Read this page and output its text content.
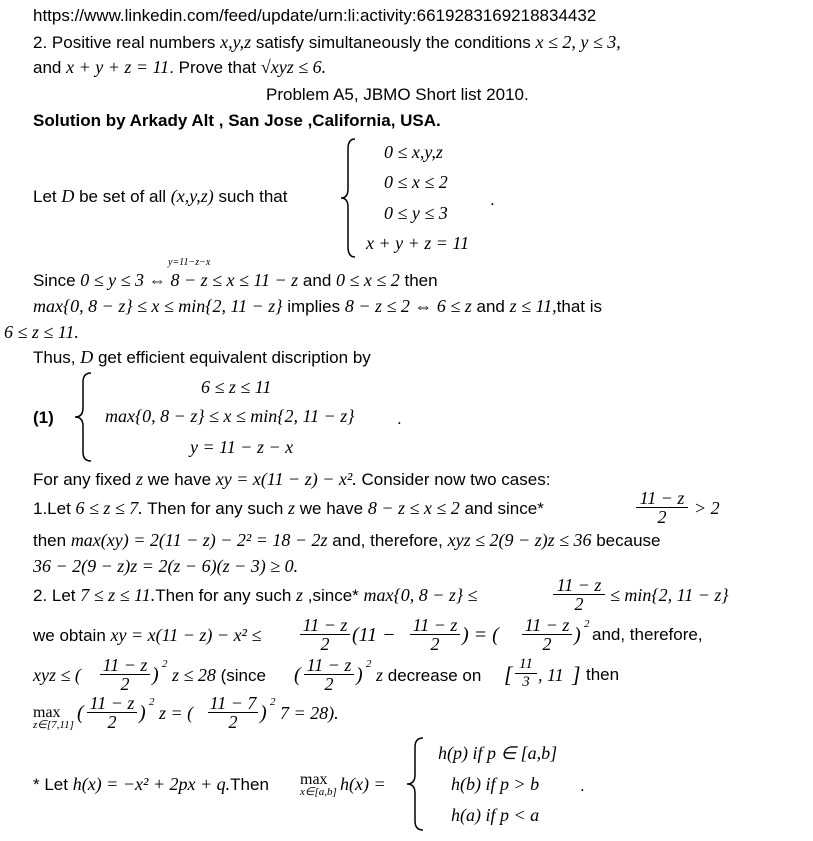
https://www.linkedin.com/feed/update/urn:li:activity:6619283169218834432
2. Positive real numbers x,y,z satisfy simultaneously the conditions x ≤ 2, y ≤ 3,
and x + y + z = 11. Prove that √xyz ≤ 6.
Problem A5, JBMO Short list 2010.
Solution by Arkady Alt , San Jose ,California, USA.
Let D be set of all (x,y,z) such that
0 ≤ x,y,z
0 ≤ x ≤ 2
0 ≤ y ≤ 3
x + y + z = 11
.
y=11−z−x
Since 0 ≤ y ≤ 3 ⇔ 8 − z ≤ x ≤ 11 − z and 0 ≤ x ≤ 2 then
max{0, 8 − z} ≤ x ≤ min{2, 11 − z} implies 8 − z ≤ 2 ⇔ 6 ≤ z and z ≤ 11,that is
6 ≤ z ≤ 11.
Thus, D get efficient equivalent discription by
(1)
6 ≤ z ≤ 11
max{0, 8 − z} ≤ x ≤ min{2, 11 − z}
y = 11 − z − x
.
For any fixed z we have xy = x(11 − z) − x². Consider now two cases:
1.Let 6 ≤ z ≤ 7. Then for any such z we have 8 − z ≤ x ≤ 2 and since*
11 − z
2	> 2
then max(xy) = 2(11 − z) − 2² = 18 − 2z and, therefore, xyz ≤ 2(9 − z)z ≤ 36 because
36 − 2(9 − z)z = 2(z − 6)(z − 3) ≥ 0.
2. Let 7 ≤ z ≤ 11.Then for any such z ,since* max{0, 8 − z} ≤	11 − z
2	≤ min{2, 11 − z}
we obtain xy = x(11 − z) − x² ≤ 11 − z
2	(11 − 11 − z
2	) = ( 11 − z
2	) 2
and, therefore,
xyz ≤ ( 11 − z
2	) 2
z ≤ 28 (since ( 11 − z
2	) 2
z decrease on [ 11
3 , 11 ] then
max
z∈[7,11]
( 11 − z
2	) 2
z = ( 11 − 7
2	) 2
7 = 28).
* Let h(x) = −x² + 2px + q.Then max
x∈[a,b] h(x) =
h(p) if p ∈ [a,b]
h(b) if p > b
h(a) if p < a
.
